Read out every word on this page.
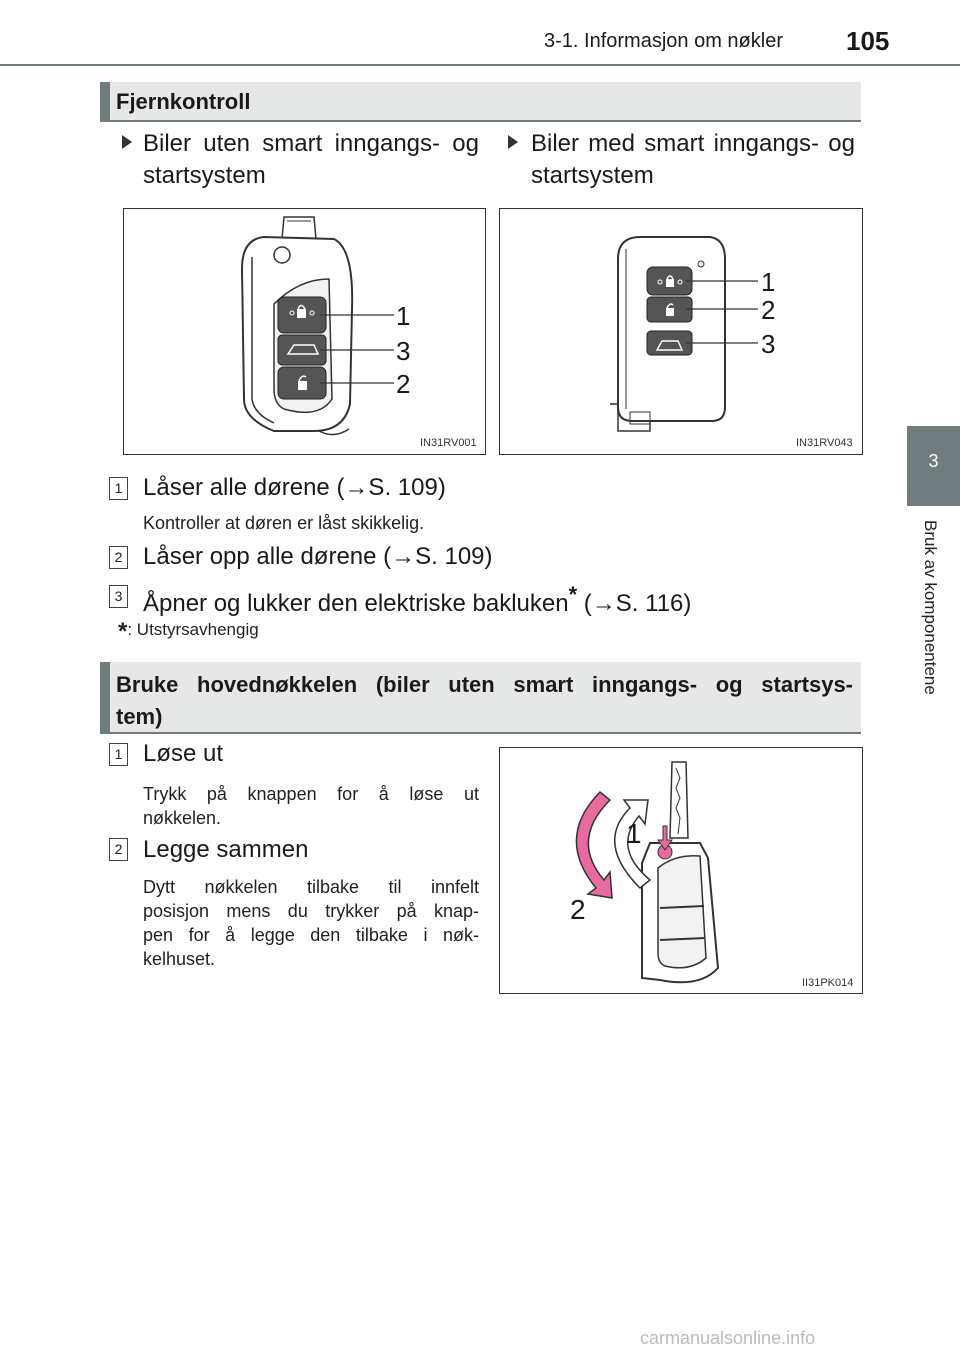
3-1. Informasjon om nøkler 105
3
Bruk av komponentene
Fjernkontroll
Biler uten smart inngangs- og
startsystem
Biler med smart inngangs- og
startsystem
1
3
2
IN31RV001
1
2
3
IN31RV043
1 Låser alle dørene (→S. 109)
Kontroller at døren er låst skikkelig.
2 Låser opp alle dørene (→S. 109)
3 Åpner og lukker den elektriske bakluken* (→S. 116)
*: Utstyrsavhengig
Bruke hovednøkkelen (biler uten smart inngangs- og startsys-
tem)
1 Løse ut
Trykk på knappen for å løse ut
nøkkelen.
2 Legge sammen
Dytt nøkkelen tilbake til innfelt
posisjon mens du trykker på knap-
pen for å legge den tilbake i nøk-
kelhuset.
1
2
II31PK014
carmanualsonline.info
